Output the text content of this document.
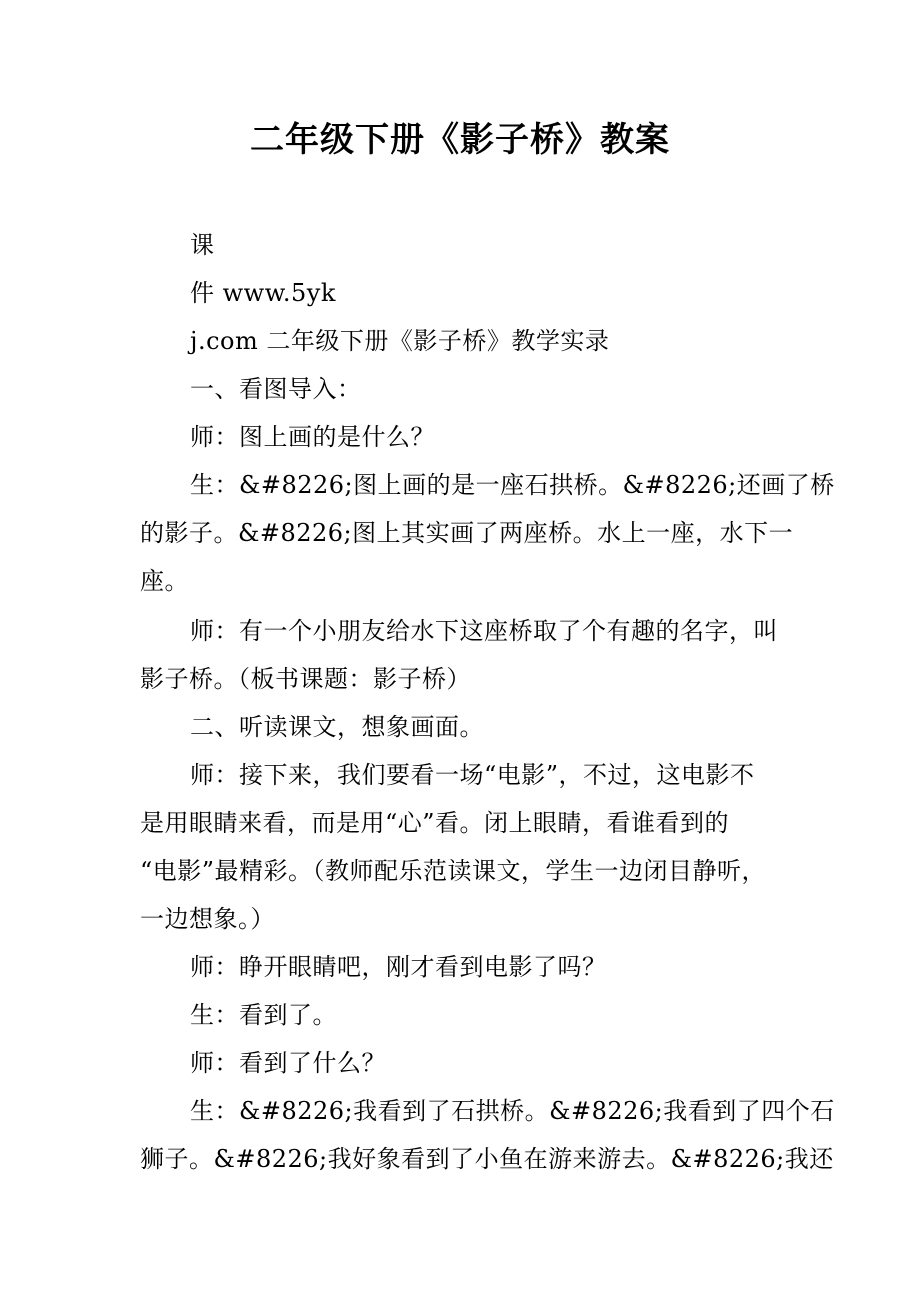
二年级下册《影子桥》教案
课
件 www.5yk
j.com 二年级下册《影子桥》教学实录
一、看图导入：
师：图上画的是什么？
生：&#8226;图上画的是一座石拱桥。&#8226;还画了桥
的影子。&#8226;图上其实画了两座桥。水上一座，水下一
座。
师：有一个小朋友给水下这座桥取了个有趣的名字，叫
影子桥。（板书课题：影子桥）
二、听读课文，想象画面。
师：接下来，我们要看一场“电影”，不过，这电影不
是用眼睛来看，而是用“心”看。闭上眼睛，看谁看到的
“电影”最精彩。（教师配乐范读课文，学生一边闭目静听，
一边想象。）
师：睁开眼睛吧，刚才看到电影了吗？
生：看到了。
师：看到了什么？
生：&#8226;我看到了石拱桥。&#8226;我看到了四个石
狮子。&#8226;我好象看到了小鱼在游来游去。&#8226;我还
